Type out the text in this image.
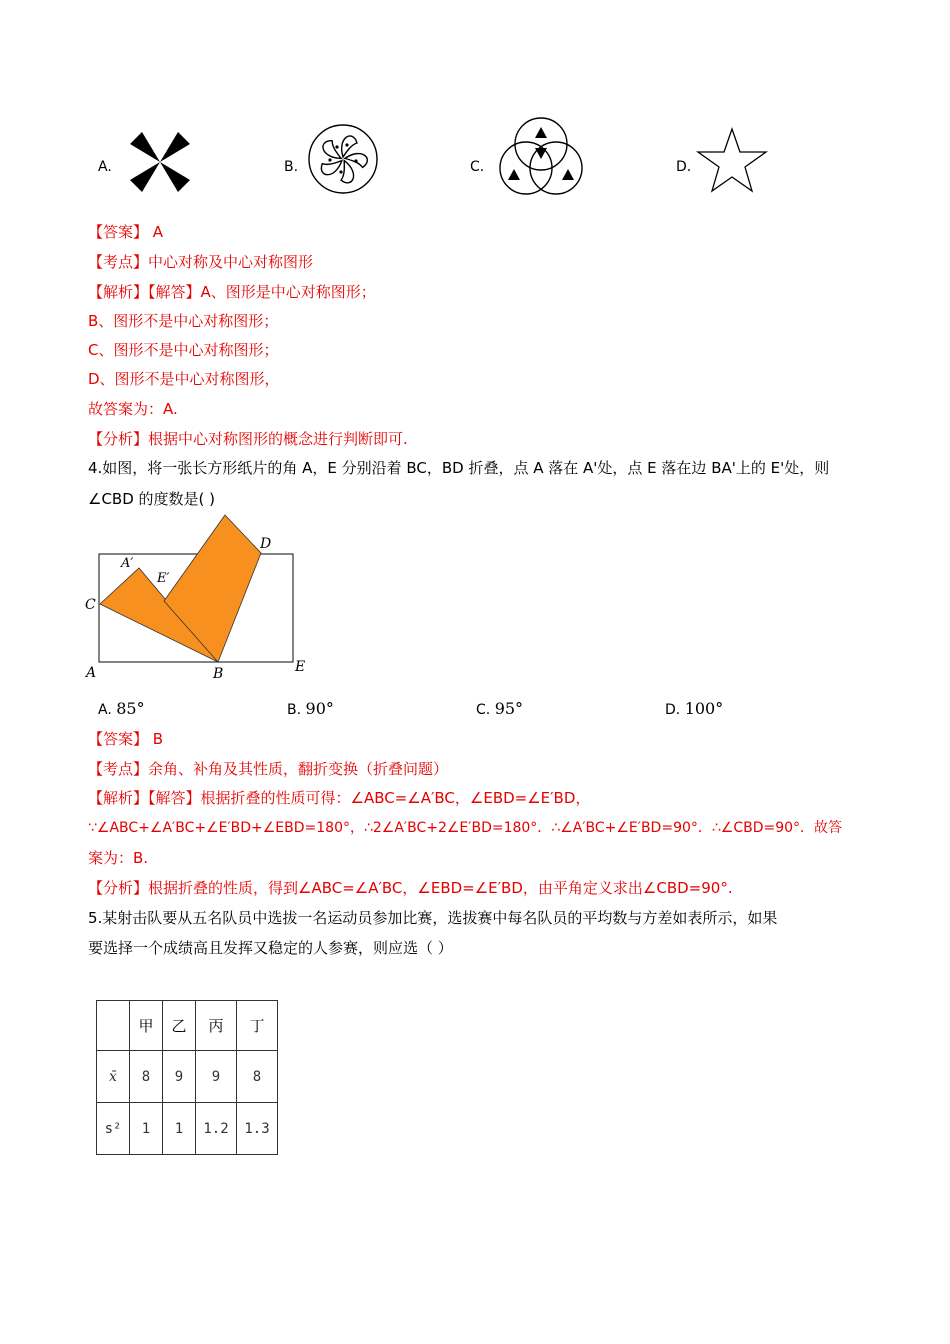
A.	B.	C.	D.
【答案】 A
【考点】中心对称及中心对称图形
【解析】【解答】A、图形是中心对称图形；
B、图形不是中心对称图形；
C、图形不是中心对称图形；
D、图形不是中心对称图形，
故答案为：A.
【分析】根据中心对称图形的概念进行判断即可.
4.如图，将一张长方形纸片的角 A，E 分别沿着 BC，BD 折叠，点 A 落在 A'处，点 E 落在边 BA'上的 E'处，则
∠CBD 的度数是( )
D
A′
E′
C
A	B	E
A. 85°	B. 90°	C. 95°	D. 100°
【答案】 B
【考点】余角、补角及其性质，翻折变换（折叠问题）
【解析】【解答】根据折叠的性质可得：∠ABC=∠A′BC，∠EBD=∠E′BD，
∵∠ABC+∠A′BC+∠E′BD+∠EBD=180°，∴2∠A′BC+2∠E′BD=180°．∴∠A′BC+∠E′BD=90°．∴∠CBD=90°．故答
案为：B.
【分析】根据折叠的性质，得到∠ABC=∠A′BC，∠EBD=∠E′BD，由平角定义求出∠CBD=90°.
5.某射击队要从五名队员中选拔一名运动员参加比赛，选拔赛中每名队员的平均数与方差如表所示，如果
要选择一个成绩高且发挥又稳定的人参赛，则应选（ ）
	甲	乙	丙	丁
x̄	8	9	9	8
s²	1	1	1.2	1.3
